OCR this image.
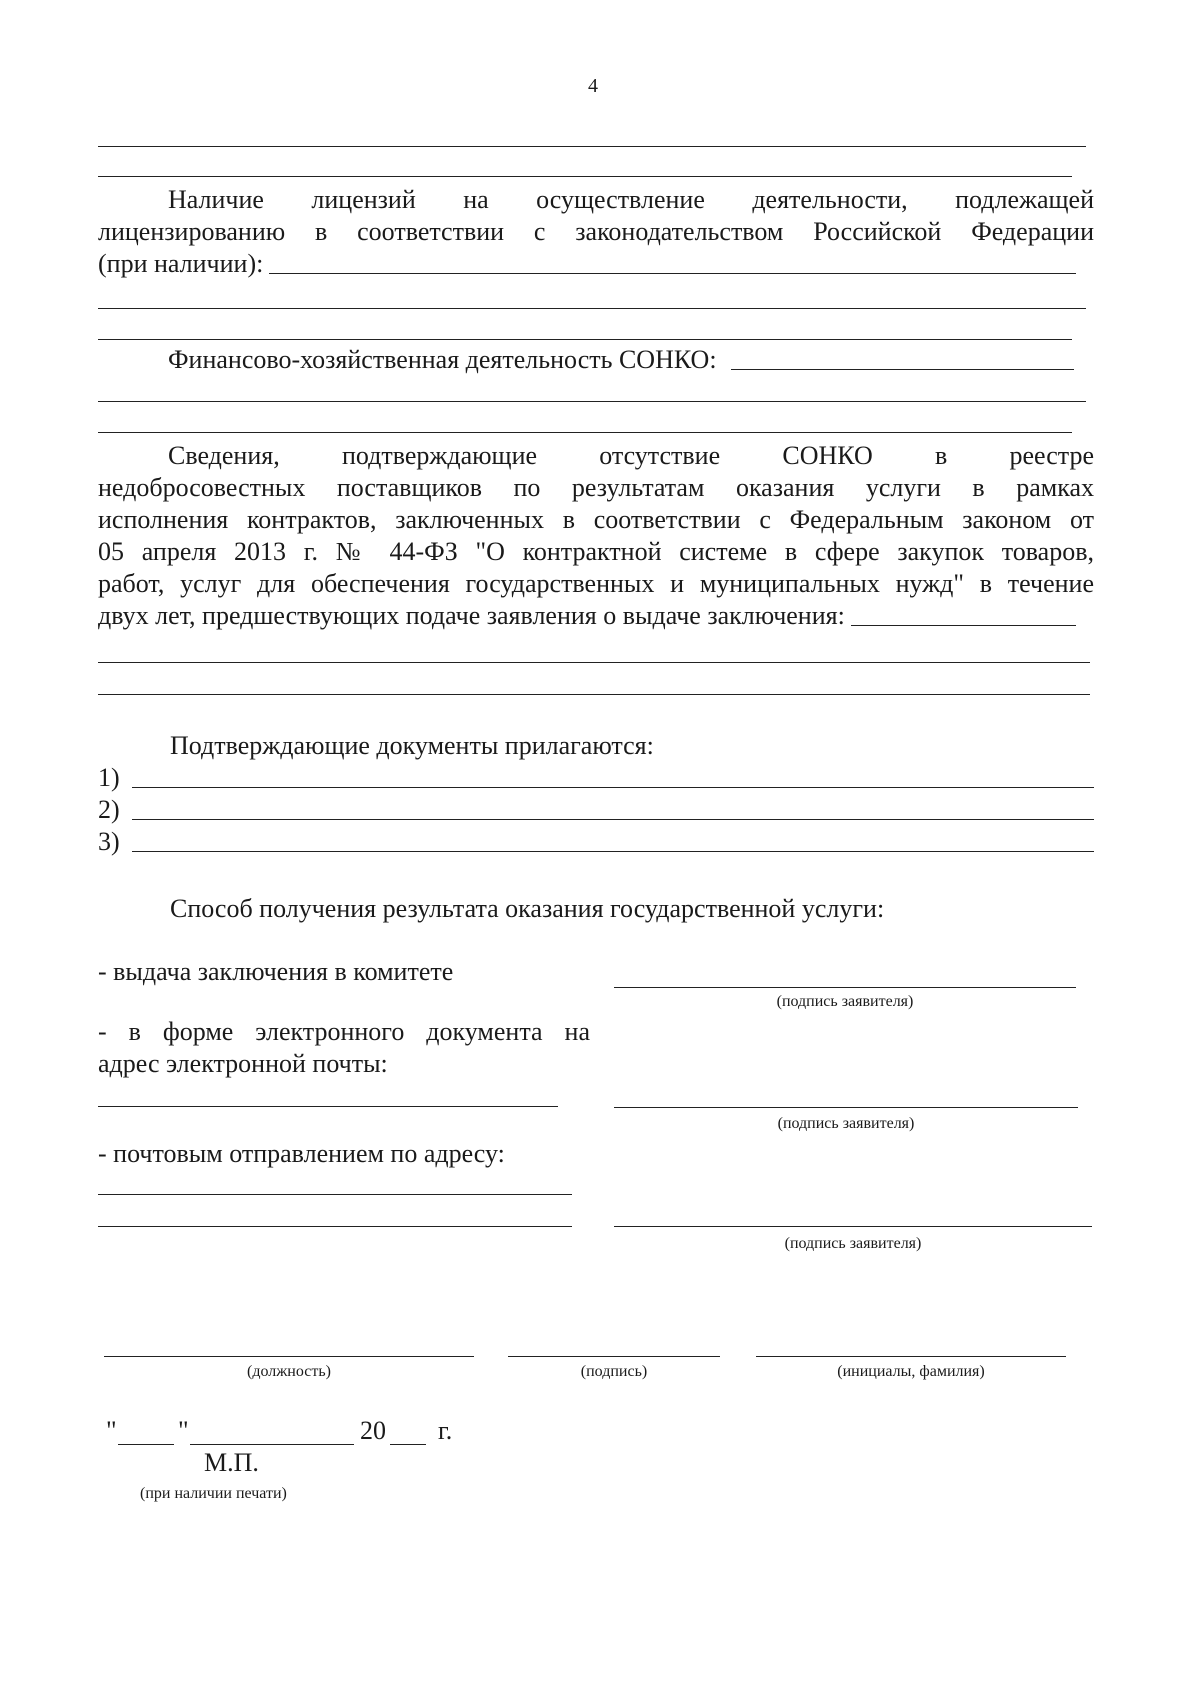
4
Наличие лицензий на осуществление деятельности, подлежащей
лицензированию в соответствии с законодательством Российской Федерации
(при наличии):
Финансово-хозяйственная деятельность СОНКО:
Сведения, подтверждающие отсутствие СОНКО в реестре
недобросовестных поставщиков по результатам оказания услуги в рамках
исполнения контрактов, заключенных в соответствии с Федеральным законом от
05 апреля 2013 г. № 44-ФЗ "О контрактной системе в сфере закупок товаров,
работ, услуг для обеспечения государственных и муниципальных нужд" в течение
двух лет, предшествующих подаче заявления о выдаче заключения:
Подтверждающие документы прилагаются:
1)
2)
3)
Способ получения результата оказания государственной услуги:
- выдача заключения в комитете
(подпись заявителя)
- в форме электронного документа на
адрес электронной почты:
(подпись заявителя)
- почтовым отправлением по адресу:
(подпись заявителя)
(должность)	(подпись)	(инициалы, фамилия)
" "	20 г.
М.П.
(при наличии печати)
